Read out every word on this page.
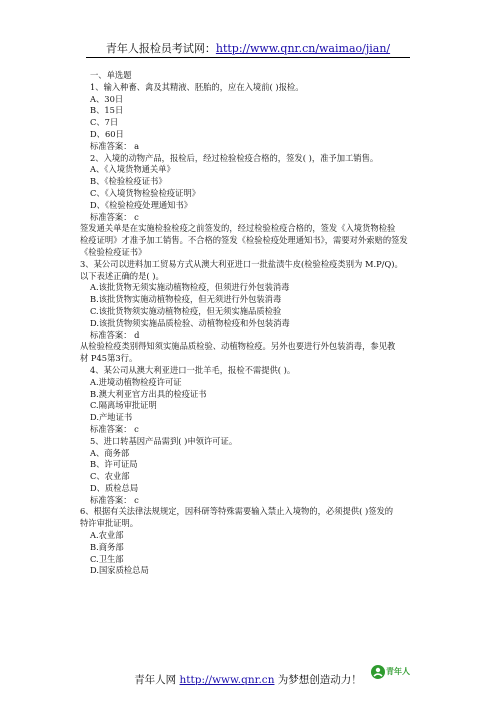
青年人报检员考试网：http://www.qnr.cn/waimao/jian/
一、单选题
1、输入种畜、禽及其精液、胚胎的，应在入境前( )报检。
A、30日
B、15日
C、7日
D、60日
标准答案： a
2、入境的动物产品，报检后，经过检验检疫合格的，签发( )，准予加工销售。
A、《入境货物通关单》
B、《检验检疫证书》
C、《入境货物检验检疫证明》
D、《检验检疫处理通知书》
标准答案： c
签发通关单是在实施检验检疫之前签发的，经过检验检疫合格的，签发《入境货物检验
检疫证明》才准予加工销售。不合格的签发《检验检疫处理通知书》，需要对外索赔的签发
《检验检疫证书》
3、某公司以进料加工贸易方式从澳大利亚进口一批盐渍牛皮(检验检疫类别为 M.P/Q)。
以下表述正确的是( )。
A.该批货物无须实施动植物检疫，但须进行外包装消毒
B.该批货物实施动植物检疫，但无须进行外包装消毒
C.该批货物须实施动植物检疫，但无须实施品质检验
D.该批货物须实施品质检验、动植物检疫和外包装消毒
标准答案： d
从检验检疫类别得知须实施品质检验、动植物检疫。另外也要进行外包装消毒，参见教
材 P45第3行。
4、某公司从澳大利亚进口一批羊毛，报检不需提供( )。
A.进境动植物检疫许可证
B.澳大利亚官方出具的检疫证书
C.隔离场审批证明
D.产地证书
标准答案： c
5、进口转基因产品需到( )申领许可证。
A、商务部
B、许可证局
C、农业部
D、质检总局
标准答案： c
6、根据有关法律法规规定，因科研等特殊需要输入禁止入境物的，必须提供( )签发的
特许审批证明。
A.农业部
B.商务部
C.卫生部
D.国家质检总局
青年人网 http://www.qnr.cn 为梦想创造动力！
青年人
